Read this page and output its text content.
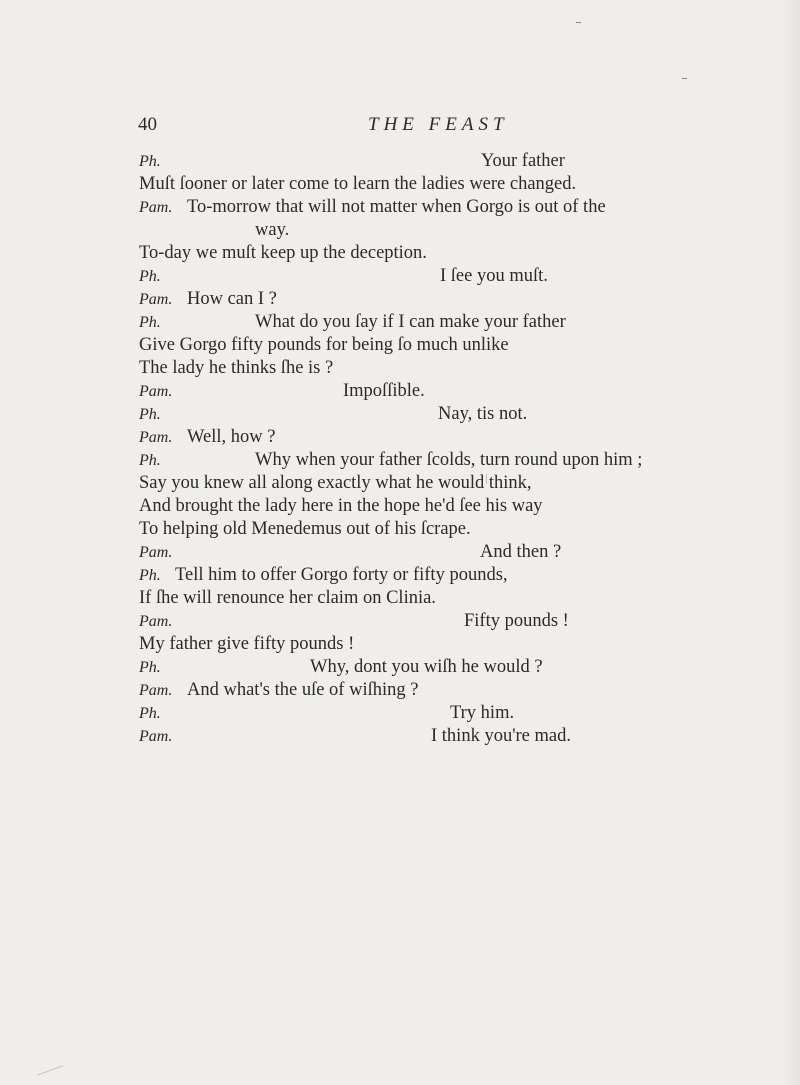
40	THE FEAST
Ph.	Your father
Muſt ſooner or later come to learn the ladies were changed.
Pam. To-morrow that will not matter when Gorgo is out of the
way.
To-day we muſt keep up the deception.
Ph.	I ſee you muſt.
Pam. How can I ?
Ph.	What do you ſay if I can make your father
Give Gorgo fifty pounds for being ſo much unlike
The lady he thinks ſhe is ?
Pam.	Impoſſible.
Ph.	Nay, tis not.
Pam. Well, how ?
Ph.	Why when your father ſcolds, turn round upon him ;
Say you knew all along exactly what he would think,
And brought the lady here in the hope he'd ſee his way
To helping old Menedemus out of his ſcrape.
Pam.	And then ?
Ph. Tell him to offer Gorgo forty or fifty pounds,
If ſhe will renounce her claim on Clinia.
Pam.	Fifty pounds !
My father give fifty pounds !
Ph.	Why, dont you wiſh he would ?
Pam. And what's the uſe of wiſhing ?
Ph.	Try him.
Pam.	I think you're mad.
